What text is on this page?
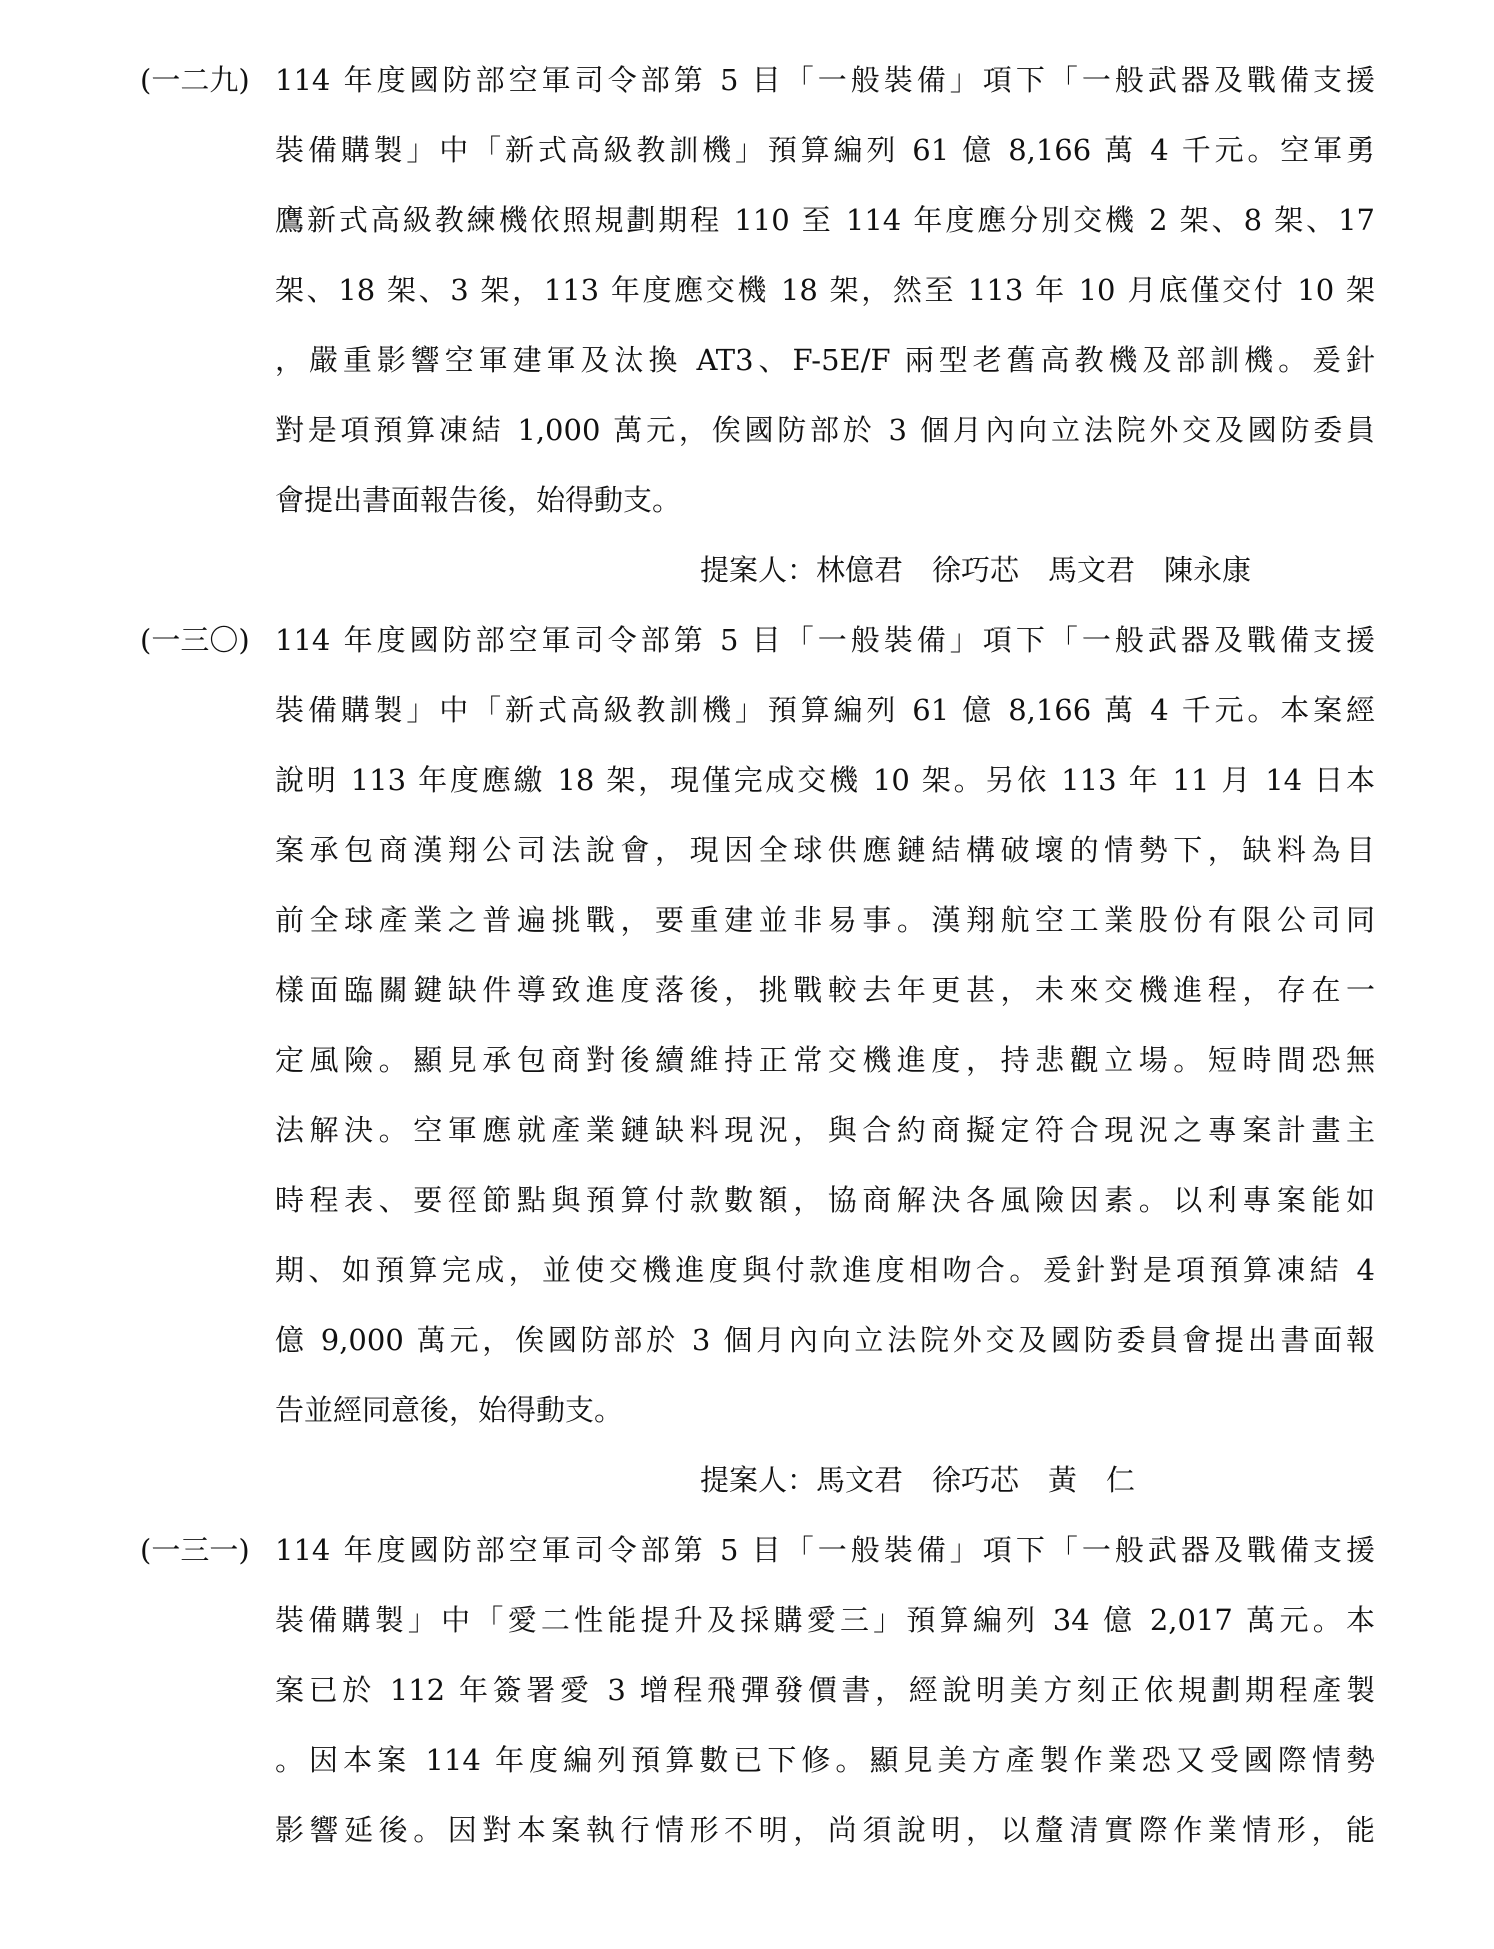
(一二九) 114 年度國防部空軍司令部第 5 目「一般裝備」項下「一般武器及戰備支援
裝備購製」中「新式高級教訓機」預算編列 61 億 8,166 萬 4 千元。空軍勇
鷹新式高級教練機依照規劃期程 110 至 114 年度應分別交機 2 架、8 架、17
架、18 架、3 架，113 年度應交機 18 架，然至 113 年 10 月底僅交付 10 架
，嚴重影響空軍建軍及汰換 AT3、F-5E/F 兩型老舊高教機及部訓機。爰針
對是項預算凍結 1,000 萬元，俟國防部於 3 個月內向立法院外交及國防委員
會提出書面報告後，始得動支。
提案人：林億君　徐巧芯　馬文君　陳永康
(一三〇) 114 年度國防部空軍司令部第 5 目「一般裝備」項下「一般武器及戰備支援
裝備購製」中「新式高級教訓機」預算編列 61 億 8,166 萬 4 千元。本案經
說明 113 年度應繳 18 架，現僅完成交機 10 架。另依 113 年 11 月 14 日本
案承包商漢翔公司法說會，現因全球供應鏈結構破壞的情勢下，缺料為目
前全球產業之普遍挑戰，要重建並非易事。漢翔航空工業股份有限公司同
樣面臨關鍵缺件導致進度落後，挑戰較去年更甚，未來交機進程，存在一
定風險。顯見承包商對後續維持正常交機進度，持悲觀立場。短時間恐無
法解決。空軍應就產業鏈缺料現況，與合約商擬定符合現況之專案計畫主
時程表、要徑節點與預算付款數額，協商解決各風險因素。以利專案能如
期、如預算完成，並使交機進度與付款進度相吻合。爰針對是項預算凍結 4
億 9,000 萬元，俟國防部於 3 個月內向立法院外交及國防委員會提出書面報
告並經同意後，始得動支。
提案人：馬文君　徐巧芯　黃　仁
(一三一) 114 年度國防部空軍司令部第 5 目「一般裝備」項下「一般武器及戰備支援
裝備購製」中「愛二性能提升及採購愛三」預算編列 34 億 2,017 萬元。本
案已於 112 年簽署愛 3 增程飛彈發價書，經說明美方刻正依規劃期程產製
。因本案 114 年度編列預算數已下修。顯見美方產製作業恐又受國際情勢
影響延後。因對本案執行情形不明，尚須說明，以釐清實際作業情形，能
